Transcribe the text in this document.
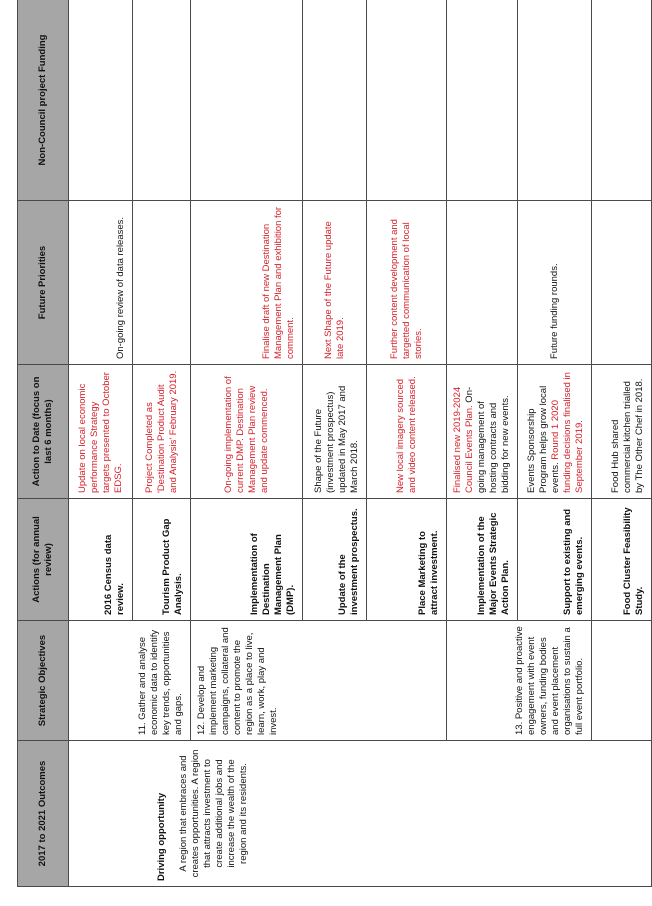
2017 to 2021 Outcomes	Strategic Objectives	Actions (for annual review)	Action to Date (focus on last 6 months)	Future Priorities	Non-Council project Funding

Driving opportunity A region that embraces and creates opportunities. A region that attracts investment to create additional jobs and increase the wealth of the region and its residents.	11. Gather and analyse economic data to identify key trends, opportunities and gaps.	2016 Census data review.	Update on local economic performance Strategy targets presented to October EDSG.	On-going review of data releases.	
		Tourism Product Gap Analysis.	Project Completed as 'Destination Product Audit and Analysis' February 2019.		
	12. Develop and implement marketing campaigns, collateral and content to promote the region as a place to live, learn, work, play and invest.	Implementation of Destination Management Plan (DMP).	On-going implementation of current DMP. Destination Management Plan review and update commenced.	Finalise draft of new Destination Management Plan and exhibition for comment.	
		Update of the investment prospectus.	Shape of the Future (investment prospectus) updated in May 2017 and March 2018.	Next Shape of the Future update late 2019.	
		Place Marketing to attract investment.	New local imagery sourced and video content released.	Further content development and targetted communication of local stories.	
	13. Positive and proactive engagement with event owners, funding bodies and event placement organisations to sustain a full event portfolio.	Implementation of the Major Events Strategic Action Plan.	Finalised new 2019-2024 Council Events Plan. On-going management of hosting contracts and bidding for new events.		
		Support to existing and emerging events.	Events Sponsorship Program helps grow local events. Round 1 2020 funding decisions finalised in September 2019.	Future funding rounds.	
		Food Cluster Feasibility Study.	Food Hub shared commercial kitchen trialled by The Other Chef in 2018.		
